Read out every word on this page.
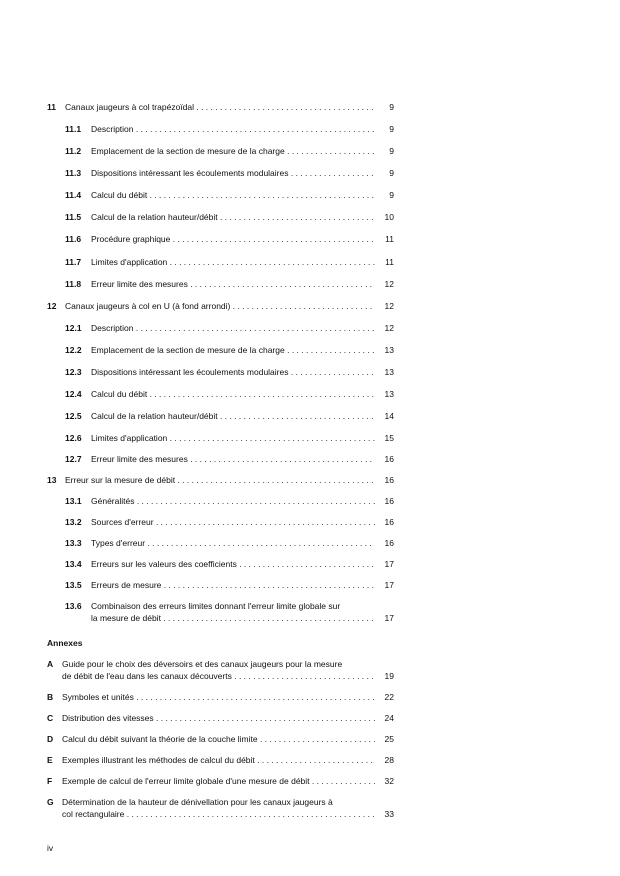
11 Canaux jaugeurs à col trapézoïdal . . .	9
11.1 Description . . .	9
11.2 Emplacement de la section de mesure de la charge . . .	9
11.3 Dispositions intéressant les écoulements modulaires . . .	9
11.4 Calcul du débit . . .	9
11.5 Calcul de la relation hauteur/débit . . .	10
11.6 Procédure graphique . . .	11
11.7 Limites d'application . . .	11
11.8 Erreur limite des mesures . . .	12
12 Canaux jaugeurs à col en U (à fond arrondi) . . .	12
12.1 Description . . .	12
12.2 Emplacement de la section de mesure de la charge . . .	13
12.3 Dispositions intéressant les écoulements modulaires . . .	13
12.4 Calcul du débit . . .	13
12.5 Calcul de la relation hauteur/débit . . .	14
12.6 Limites d'application . . .	15
12.7 Erreur limite des mesures . . .	16
13 Erreur sur la mesure de débit . . .	16
13.1 Généralités . . .	16
13.2 Sources d'erreur . . .	16
13.3 Types d'erreur . . .	16
13.4 Erreurs sur les valeurs des coefficients . . .	17
13.5 Erreurs de mesure . . .	17
13.6 Combinaison des erreurs limites donnant l'erreur limite globale sur
la mesure de débit . . .	17
Annexes
A Guide pour le choix des déversoirs et des canaux jaugeurs pour la mesure
de débit de l'eau dans les canaux découverts . . .	19
B Symboles et unités . . .	22
C Distribution des vitesses . . .	24
D Calcul du débit suivant la théorie de la couche limite . . .	25
E Exemples illustrant les méthodes de calcul du débit . . .	28
F Exemple de calcul de l'erreur limite globale d'une mesure de débit . . .	32
G Détermination de la hauteur de dénivellation pour les canaux jaugeurs à
col rectangulaire . . .	33
iv
